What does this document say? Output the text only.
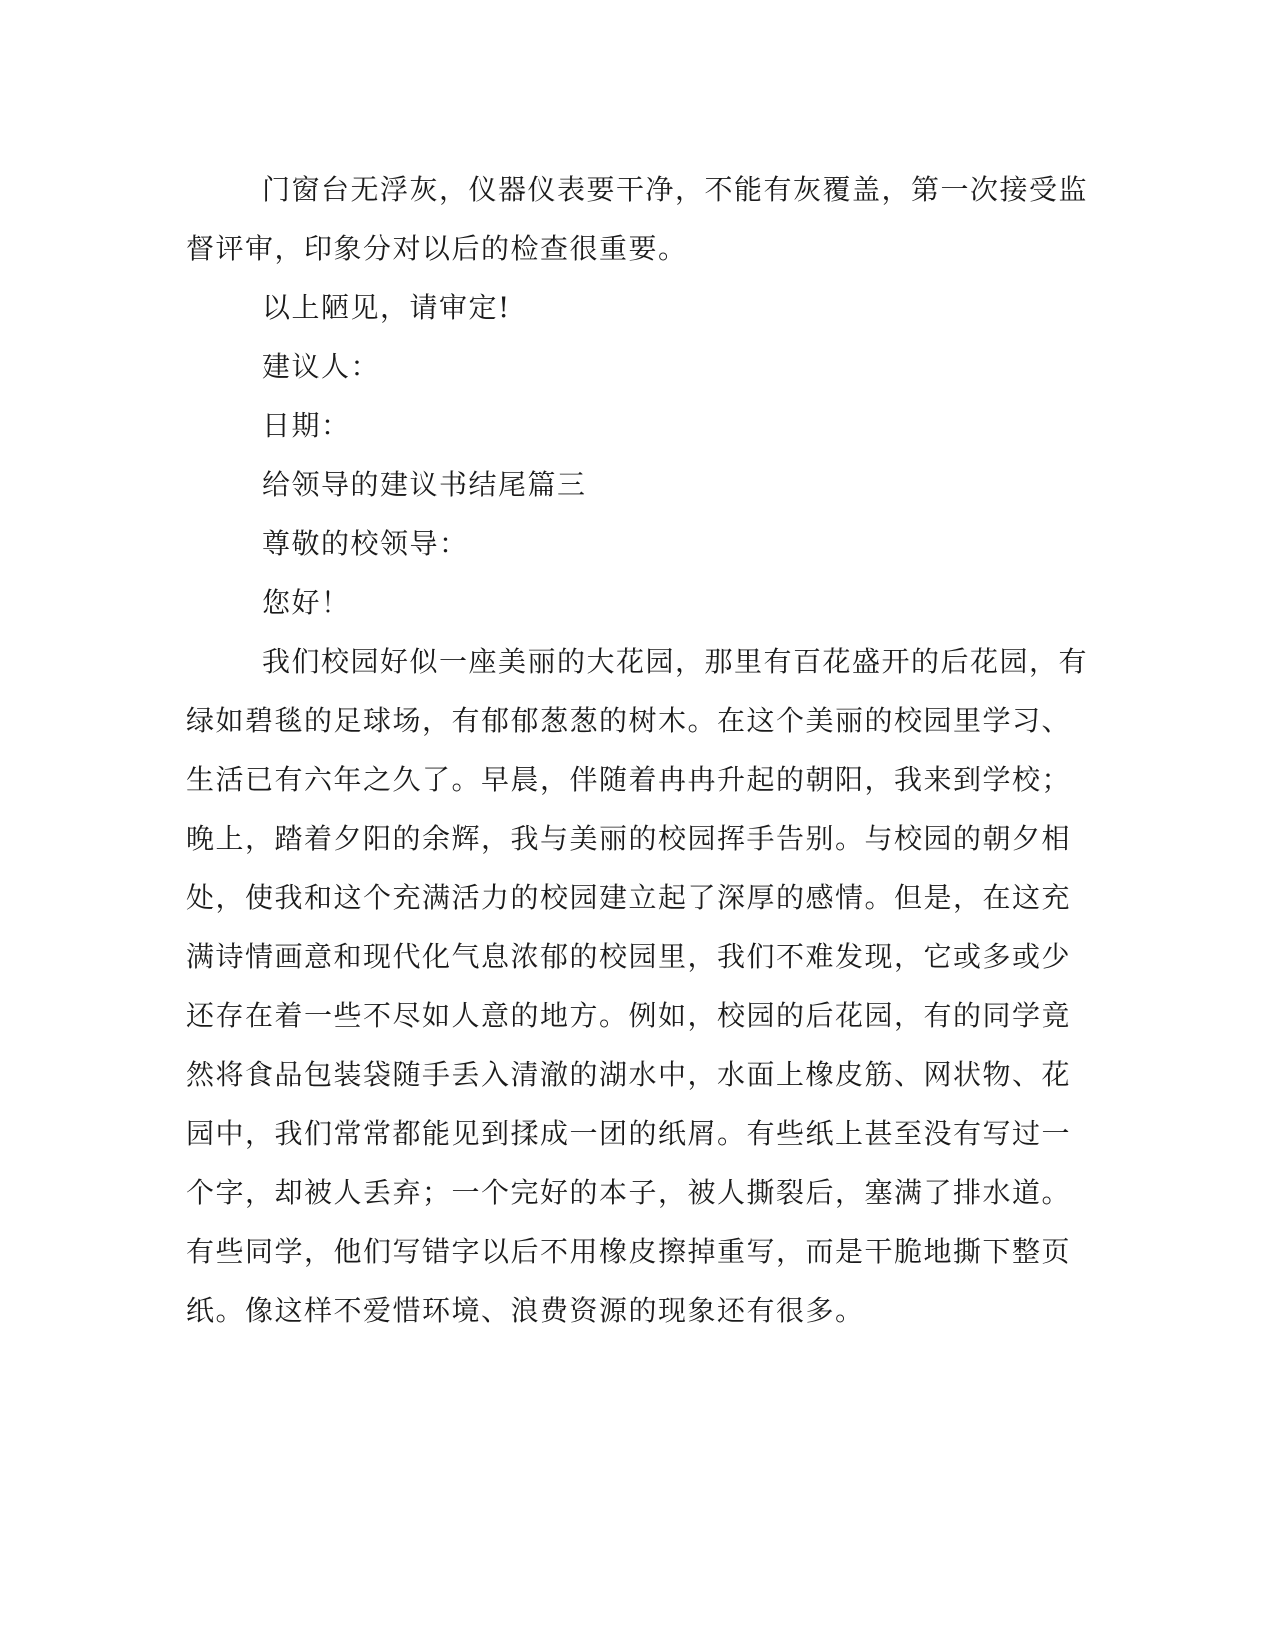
门窗台无浮灰，仪器仪表要干净，不能有灰覆盖，第一次接受监
督评审，印象分对以后的检查很重要。
以上陋见，请审定!
建议人：
日期：
给领导的建议书结尾篇三
尊敬的校领导：
您好！
我们校园好似一座美丽的大花园，那里有百花盛开的后花园，有
绿如碧毯的足球场，有郁郁葱葱的树木。在这个美丽的校园里学习、
生活已有六年之久了。早晨，伴随着冉冉升起的朝阳，我来到学校；
晚上，踏着夕阳的余辉，我与美丽的校园挥手告别。与校园的朝夕相
处，使我和这个充满活力的校园建立起了深厚的感情。但是，在这充
满诗情画意和现代化气息浓郁的校园里，我们不难发现，它或多或少
还存在着一些不尽如人意的地方。例如，校园的后花园，有的同学竟
然将食品包装袋随手丢入清澈的湖水中，水面上橡皮筋、网状物、花
园中，我们常常都能见到揉成一团的纸屑。有些纸上甚至没有写过一
个字，却被人丢弃；一个完好的本子，被人撕裂后，塞满了排水道。
有些同学，他们写错字以后不用橡皮擦掉重写，而是干脆地撕下整页
纸。像这样不爱惜环境、浪费资源的现象还有很多。
